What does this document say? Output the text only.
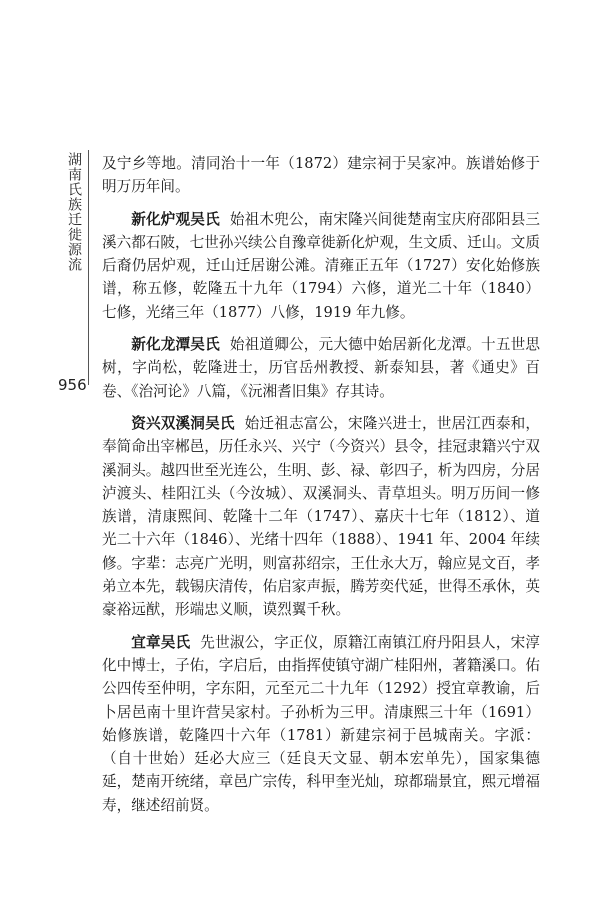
湖南氏族迁徙源流
956

及宁乡等地。清同治十一年（1872）建宗祠于吴家冲。族谱始修于明万历年间。

新化炉观吴氏 始祖木兜公，南宋隆兴间徙楚南宝庆府邵阳县三溪六都石陂，七世孙兴续公自豫章徙新化炉观，生文质、迁山。文质后裔仍居炉观，迁山迁居谢公滩。清雍正五年（1727）安化始修族谱，称五修，乾隆五十九年（1794）六修，道光二十年（1840）七修，光绪三年（1877）八修，1919 年九修。

新化龙潭吴氏 始祖道卿公，元大德中始居新化龙潭。十五世思树，字尚松，乾隆进士，历官岳州教授、新泰知县，著《通史》百卷、《治河论》八篇，《沅湘耆旧集》存其诗。

资兴双溪洞吴氏 始迁祖志富公，宋隆兴进士，世居江西泰和，奉简命出宰郴邑，历任永兴、兴宁（今资兴）县令，挂冠隶籍兴宁双溪洞头。越四世至光连公，生明、彭、禄、彰四子，析为四房，分居泸渡头、桂阳江头（今汝城）、双溪洞头、青草坦头。明万历间一修族谱，清康熙间、乾隆十二年（1747）、嘉庆十七年（1812）、道光二十六年（1846）、光绪十四年（1888）、1941 年、2004 年续修。字辈：志亮广光明，则富荪绍宗，王仕永大万，翰应晃文百，孝弟立本先，载锡庆清传，佑启家声振，腾芳奕代延，世得丕承休，英豪裕远猷，形端忠义顺，谟烈翼千秋。

宜章吴氏 先世淑公，字正仪，原籍江南镇江府丹阳县人，宋淳化中博士，子佑，字启后，由指挥使镇守湖广桂阳州，著籍溪口。佑公四传至仲明，字东阳，元至元二十九年（1292）授宜章教谕，后卜居邑南十里许营吴家村。子孙析为三甲。清康熙三十年（1691）始修族谱，乾隆四十六年（1781）新建宗祠于邑城南关。字派：（自十世始）廷必大应三（廷良天文显、朝本宏单先），国家集德延，楚南开统绪，章邑广宗传，科甲奎光灿，琼都瑞景宜，熙元增福寿，继述绍前贤。
